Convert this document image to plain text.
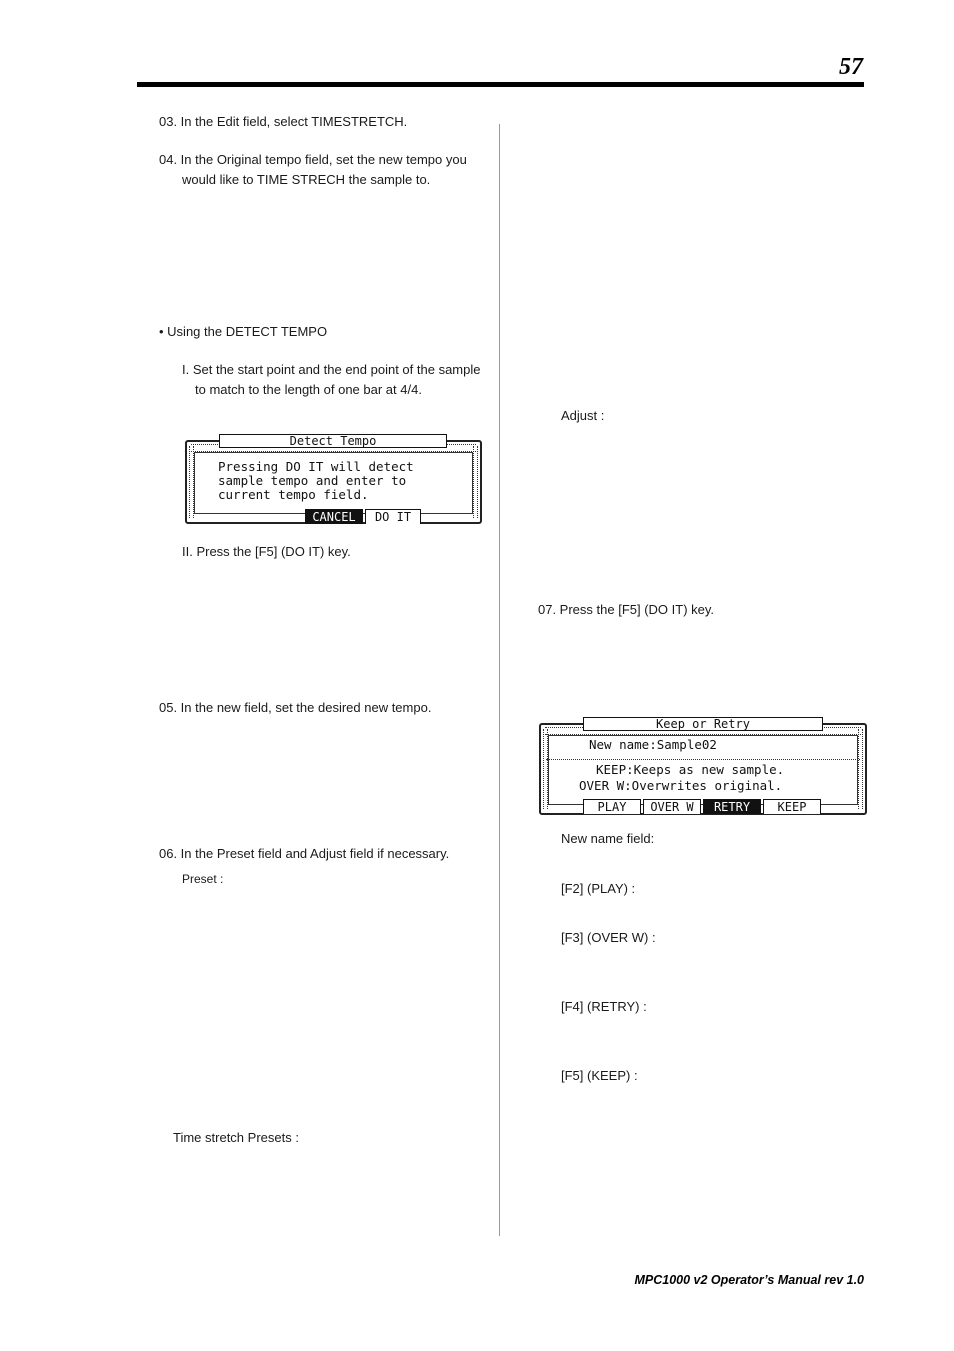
57
03. In the Edit field, select TIMESTRETCH.
04. In the Original tempo field, set the new tempo you
would like to TIME STRECH the sample to.
• Using the DETECT TEMPO
I. Set the start point and the end point of the sample
to match to the length of one bar at 4/4.
Detect Tempo
Pressing DO IT will detect
sample tempo and enter to
current tempo field.
CANCEL	DO IT
II. Press the [F5] (DO IT) key.
05. In the new field, set the desired new tempo.
06. In the Preset field and Adjust field if necessary.
Preset :
Time stretch Presets :
Adjust :
07. Press the [F5] (DO IT) key.
Keep or Retry
New name:Sample02
KEEP:Keeps as new sample.
OVER W:Overwrites original.
PLAY	OVER W	RETRY	KEEP
New name field:
[F2] (PLAY) :
[F3] (OVER W) :
[F4] (RETRY) :
[F5] (KEEP) :
MPC1000 v2 Operator’s Manual rev 1.0
